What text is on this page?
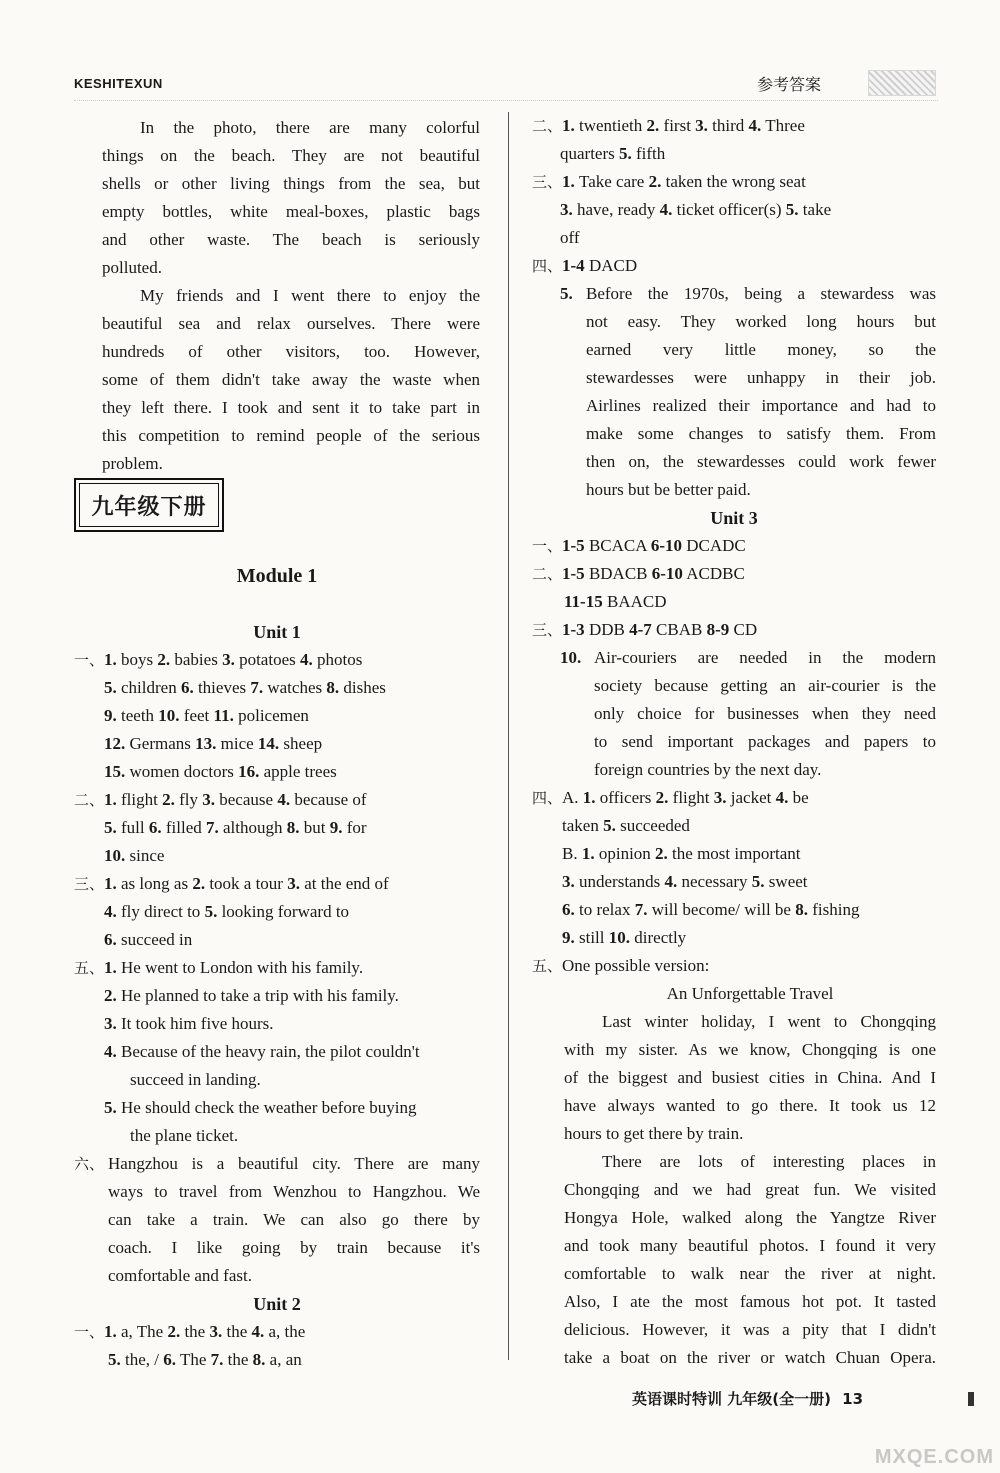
KESHITEXUN	参考答案
In the photo, there are many colorful
things on the beach. They are not beautiful
shells or other living things from the sea, but
empty bottles, white meal-boxes, plastic bags
and other waste. The beach is seriously
polluted.
My friends and I went there to enjoy the
beautiful sea and relax ourselves. There were
hundreds of other visitors, too. However,
some of them didn't take away the waste when
they left there. I took and sent it to take part in
this competition to remind people of the serious
problem.
Module 1
Unit 1
一、1. boys 2. babies 3. potatoes 4. photos
5. children 6. thieves 7. watches 8. dishes
9. teeth 10. feet 11. policemen
12. Germans 13. mice 14. sheep
15. women doctors 16. apple trees
二、1. flight 2. fly 3. because 4. because of
5. full 6. filled 7. although 8. but 9. for
10. since
三、1. as long as 2. took a tour 3. at the end of
4. fly direct to 5. looking forward to
6. succeed in
五、1. He went to London with his family.
2. He planned to take a trip with his family.
3. It took him five hours.
4. Because of the heavy rain, the pilot couldn't
succeed in landing.
5. He should check the weather before buying
the plane ticket.
六、 Hangzhou is a beautiful city. There are many
ways to travel from Wenzhou to Hangzhou. We
can take a train. We can also go there by
coach. I like going by train because it's
comfortable and fast.
Unit 2
一、1. a, The 2. the 3. the 4. a, the
5. the, / 6. The 7. the 8. a, an
九年级下册
二、1. twentieth 2. first 3. third 4. Three
quarters 5. fifth
三、1. Take care 2. taken the wrong seat
3. have, ready 4. ticket officer(s) 5. take
off
四、1-4 DACD
5. Before the 1970s, being a stewardess was
not easy. They worked long hours but
earned very little money, so the
stewardesses were unhappy in their job.
Airlines realized their importance and had to
make some changes to satisfy them. From
then on, the stewardesses could work fewer
hours but be better paid.
Unit 3
一、1-5 BCACA 6-10 DCADC
二、1-5 BDACB 6-10 ACDBC
11-15 BAACD
三、1-3 DDB 4-7 CBAB 8-9 CD
10. Air-couriers are needed in the modern
society because getting an air-courier is the
only choice for businesses when they need
to send important packages and papers to
foreign countries by the next day.
四、A. 1. officers 2. flight 3. jacket 4. be
taken 5. succeeded
B. 1. opinion 2. the most important
3. understands 4. necessary 5. sweet
6. to relax 7. will become/ will be 8. fishing
9. still 10. directly
五、One possible version:
An Unforgettable Travel
Last winter holiday, I went to Chongqing
with my sister. As we know, Chongqing is one
of the biggest and busiest cities in China. And I
have always wanted to go there. It took us 12
hours to get there by train.
There are lots of interesting places in
Chongqing and we had great fun. We visited
Hongya Hole, walked along the Yangtze River
and took many beautiful photos. I found it very
comfortable to walk near the river at night.
Also, I ate the most famous hot pot. It tasted
delicious. However, it was a pity that I didn't
take a boat on the river or watch Chuan Opera.
英语课时特训 九年级(全一册) 13
MXQE.COM
